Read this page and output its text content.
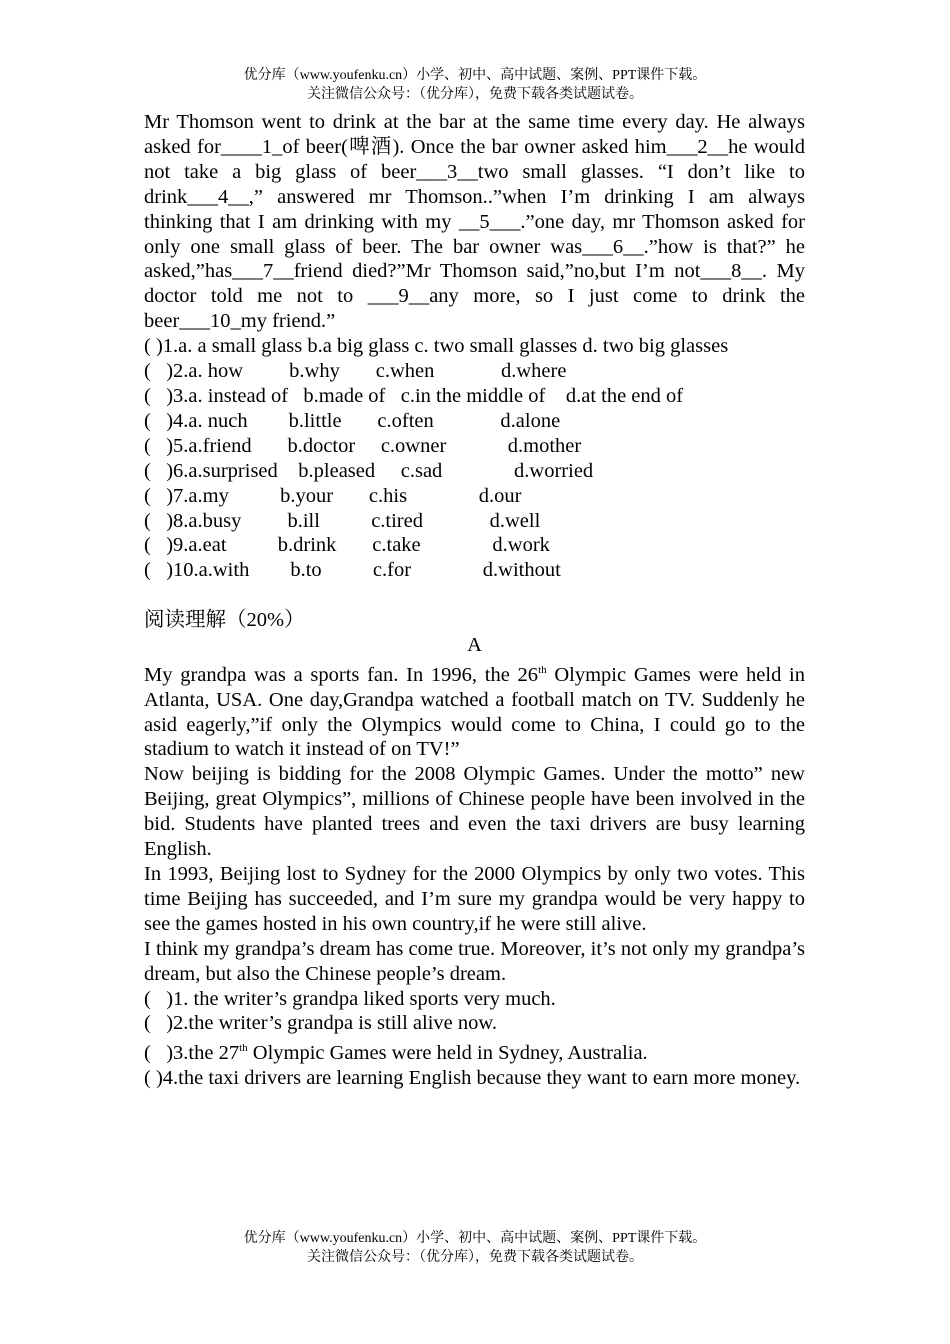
优分库（www.youfenku.cn）小学、初中、高中试题、案例、PPT课件下载。
关注微信公众号：（优分库），免费下载各类试题试卷。
Mr Thomson went to drink at the bar at the same time every day. He always asked for____1_of beer(啤酒). Once the bar owner asked him___2__he would not take a big glass of beer___3__two small glasses. “I don’t like to drink___4__,” answered mr Thomson..”when I’m drinking I am always thinking that I am drinking with my __5___.”one day, mr Thomson asked for only one small glass of beer. The bar owner was___6__.”how is that?” he asked,”has___7__friend died?”Mr Thomson said,”no,but I’m not___8__. My doctor told me not to ___9__any more, so I just come to drink the beer___10_my friend.”
( )1.a. a small glass b.a big glass c. two small glasses d. two big glasses
(   )2.a. how         b.why       c.when             d.where
(   )3.a. instead of   b.made of   c.in the middle of    d.at the end of
(   )4.a. nuch        b.little       c.often             d.alone
(   )5.a.friend       b.doctor     c.owner            d.mother
(   )6.a.surprised    b.pleased     c.sad              d.worried
(   )7.a.my          b.your       c.his              d.our
(   )8.a.busy         b.ill          c.tired             d.well
(   )9.a.eat          b.drink       c.take              d.work
(   )10.a.with        b.to          c.for              d.without
阅读理解（20%）
A
My grandpa was a sports fan. In 1996, the 26th Olympic Games were held in Atlanta, USA. One day,Grandpa watched a football match on TV. Suddenly he asid eagerly,”if only the Olympics would come to China, I could go to the stadium to watch it instead of on TV!”
Now beijing is bidding for the 2008 Olympic Games. Under the motto” new Beijing, great Olympics”, millions of Chinese people have been involved in the bid. Students have planted trees and even the taxi drivers are busy learning English.
In 1993, Beijing lost to Sydney for the 2000 Olympics by only two votes. This time Beijing has succeeded, and I’m sure my grandpa would be very happy to see the games hosted in his own country,if he were still alive.
I think my grandpa’s dream has come true. Moreover, it’s not only my grandpa’s dream, but also the Chinese people’s dream.
(   )1. the writer’s grandpa liked sports very much.
(   )2.the writer’s grandpa is still alive now.
(   )3.the 27th Olympic Games were held in Sydney, Australia.
( )4.the taxi drivers are learning English because they want to earn more money.
优分库（www.youfenku.cn）小学、初中、高中试题、案例、PPT课件下载。
关注微信公众号：（优分库），免费下载各类试题试卷。
